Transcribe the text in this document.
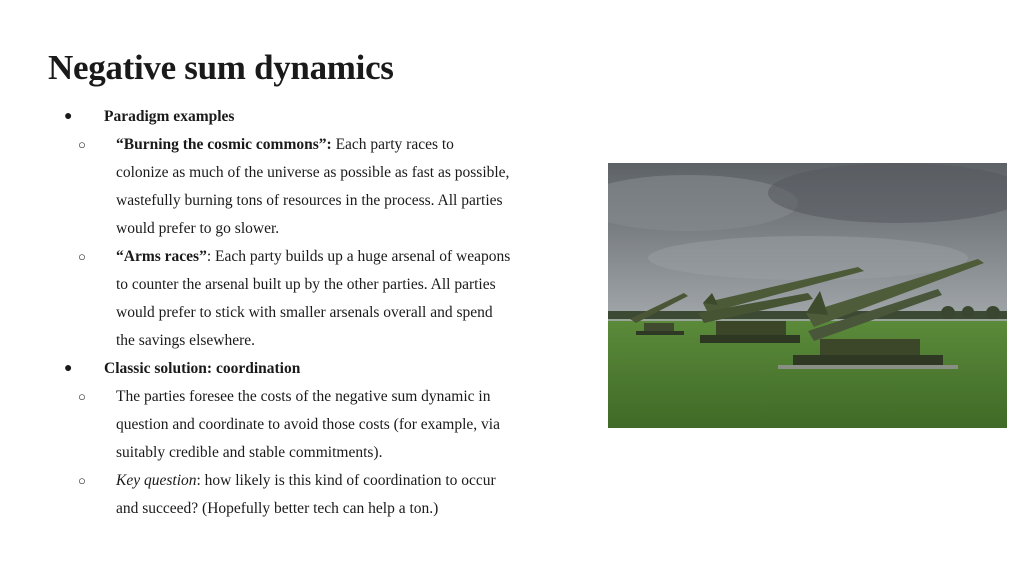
Negative sum dynamics
● Paradigm examples
○ “Burning the cosmic commons”: Each party races to
colonize as much of the universe as possible as fast as possible,
wastefully burning tons of resources in the process. All parties
would prefer to go slower.
○ “Arms races”: Each party builds up a huge arsenal of weapons
to counter the arsenal built up by the other parties. All parties
would prefer to stick with smaller arsenals overall and spend
the savings elsewhere.
● Classic solution: coordination
○ The parties foresee the costs of the negative sum dynamic in
question and coordinate to avoid those costs (for example, via
suitably credible and stable commitments).
○ Key question: how likely is this kind of coordination to occur
and succeed? (Hopefully better tech can help a ton.)
